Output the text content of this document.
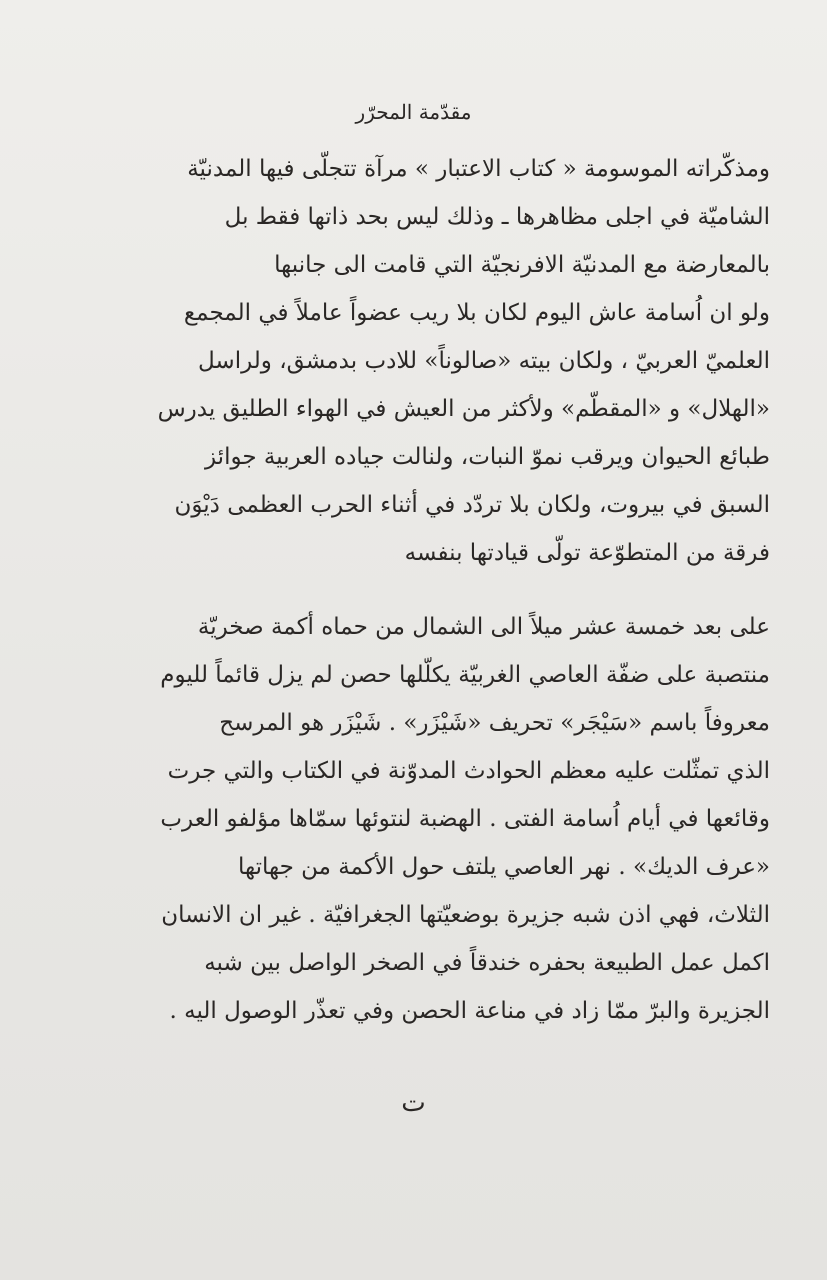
مقدّمة المحرّر
ومذكّراته الموسومة « كتاب الاعتبار » مرآة تتجلّى فيها المدنيّة
الشاميّة في اجلى مظاهرها ـ وذلك ليس بحد ذاتها فقط بل
بالمعارضة مع المدنيّة الافرنجيّة التي قامت الى جانبها
ولو ان اُسامة عاش اليوم لكان بلا ريب عضواً عاملاً في المجمع
العلميّ العربيّ ، ولكان بيته «صالوناً» للادب بدمشق، ولراسل
«الهلال» و «المقطّم» ولأكثر من العيش في الهواء الطليق يدرس
طبائع الحيوان ويرقب نموّ النبات، ولنالت جياده العربية جوائز
السبق في بيروت، ولكان بلا تردّد في أثناء الحرب العظمى دَيْوَن
فرقة من المتطوّعة تولّى قيادتها بنفسه
على بعد خمسة عشر ميلاً الى الشمال من حماه أكمة صخريّة
منتصبة على ضفّة العاصي الغربيّة يكلّلها حصن لم يزل قائماً لليوم
معروفاً باسم «سَيْجَر» تحريف «شَيْزَر» . شَيْزَر هو المرسح
الذي تمثّلت عليه معظم الحوادث المدوّنة في الكتاب والتي جرت
وقائعها في أيام اُسامة الفتى . الهضبة لنتوئها سمّاها مؤلفو العرب
«عرف الديك» . نهر العاصي يلتف حول الأكمة من جهاتها
الثلاث، فهي اذن شبه جزيرة بوضعيّتها الجغرافيّة . غير ان الانسان
اكمل عمل الطبيعة بحفره خندقاً في الصخر الواصل بين شبه
الجزيرة والبرّ ممّا زاد في مناعة الحصن وفي تعذّر الوصول اليه .
ت
